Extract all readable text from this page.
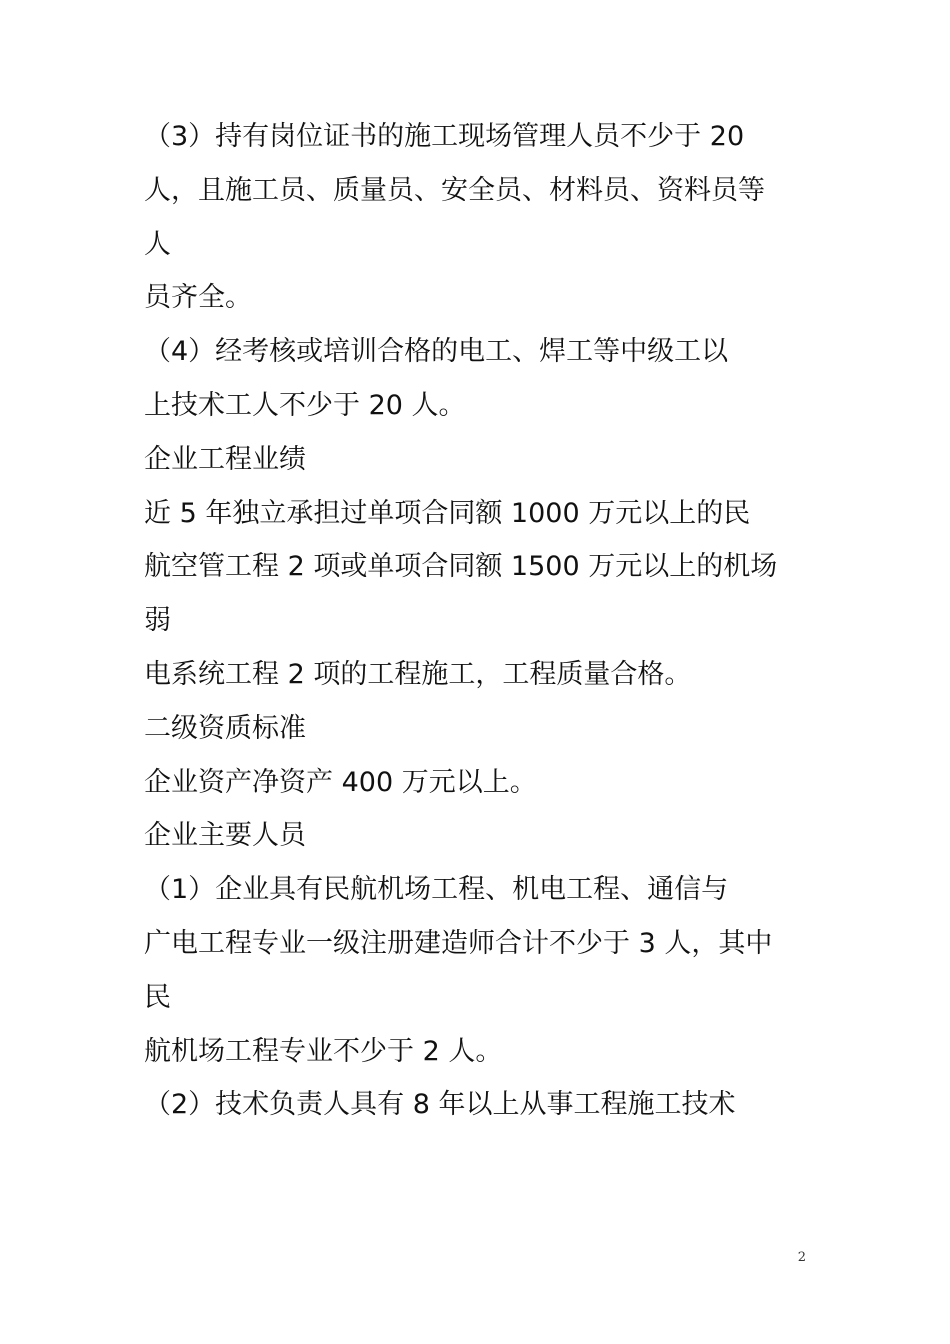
（3）持有岗位证书的施工现场管理人员不少于 20

人，且施工员、质量员、安全员、材料员、资料员等

人

员齐全。

（4）经考核或培训合格的电工、焊工等中级工以

上技术工人不少于 20 人。

企业工程业绩

近 5 年独立承担过单项合同额 1000 万元以上的民

航空管工程 2 项或单项合同额 1500 万元以上的机场

弱

电系统工程 2 项的工程施工，工程质量合格。

二级资质标准

企业资产净资产 400 万元以上。

企业主要人员

（1）企业具有民航机场工程、机电工程、通信与

广电工程专业一级注册建造师合计不少于 3 人，其中

民

航机场工程专业不少于 2 人。

（2）技术负责人具有 8 年以上从事工程施工技术

2
